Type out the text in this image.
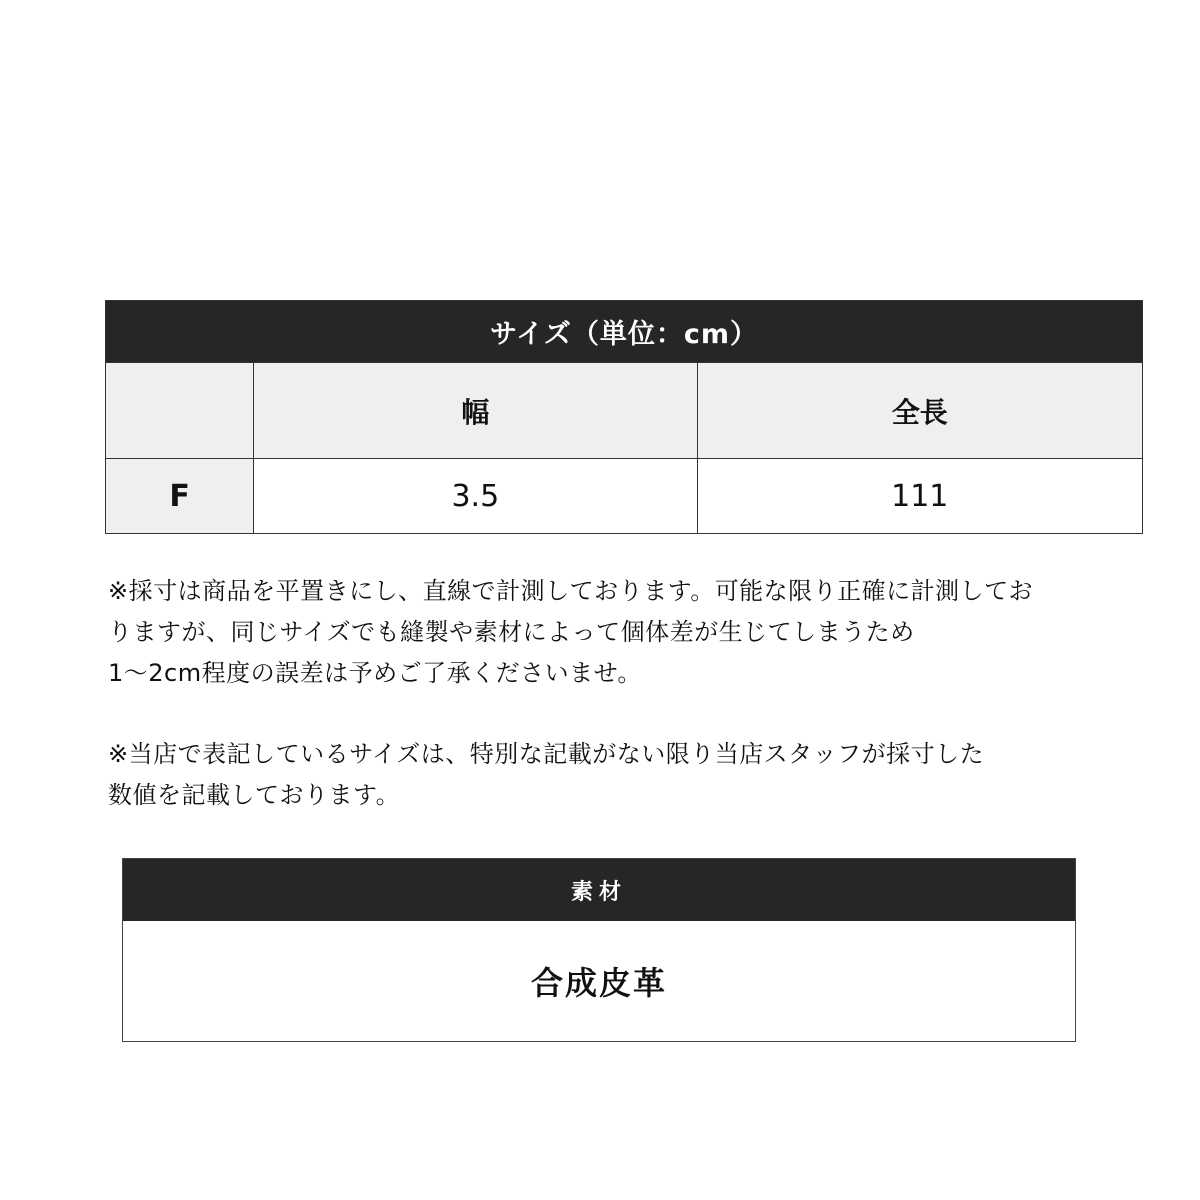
サイズ（単位：cm）		
	幅	全長
F	3.5	111

※採寸は商品を平置きにし、直線で計測しております。可能な限り正確に計測してお
りますが、同じサイズでも縫製や素材によって個体差が生じてしまうため
1～2cm程度の誤差は予めご了承くださいませ。

※当店で表記しているサイズは、特別な記載がない限り当店スタッフが採寸した
数値を記載しております。

素材
合成皮革
